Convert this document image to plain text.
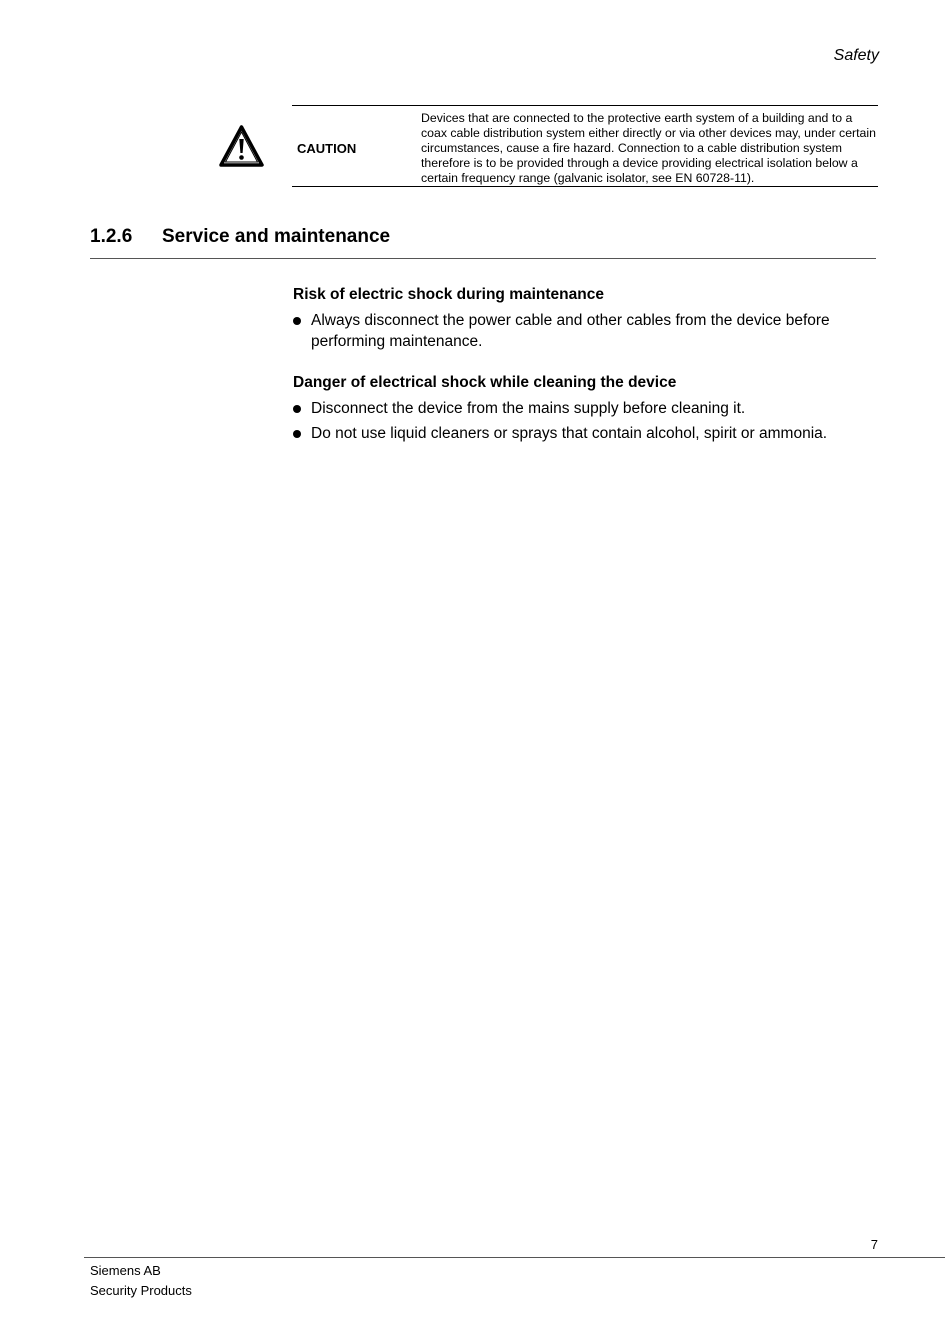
Safety
CAUTION
Devices that are connected to the protective earth system of a building and to a coax cable distribution system either directly or via other devices may, under certain circumstances, cause a fire hazard. Connection to a cable distribution system therefore is to be provided through a device providing electrical isolation below a certain frequency range (galvanic isolator, see EN 60728-11).
1.2.6 Service and maintenance
Risk of electric shock during maintenance
Always disconnect the power cable and other cables from the device before performing maintenance.
Danger of electrical shock while cleaning the device
Disconnect the device from the mains supply before cleaning it.
Do not use liquid cleaners or sprays that contain alcohol, spirit or ammonia.
7
Siemens AB
Security Products
